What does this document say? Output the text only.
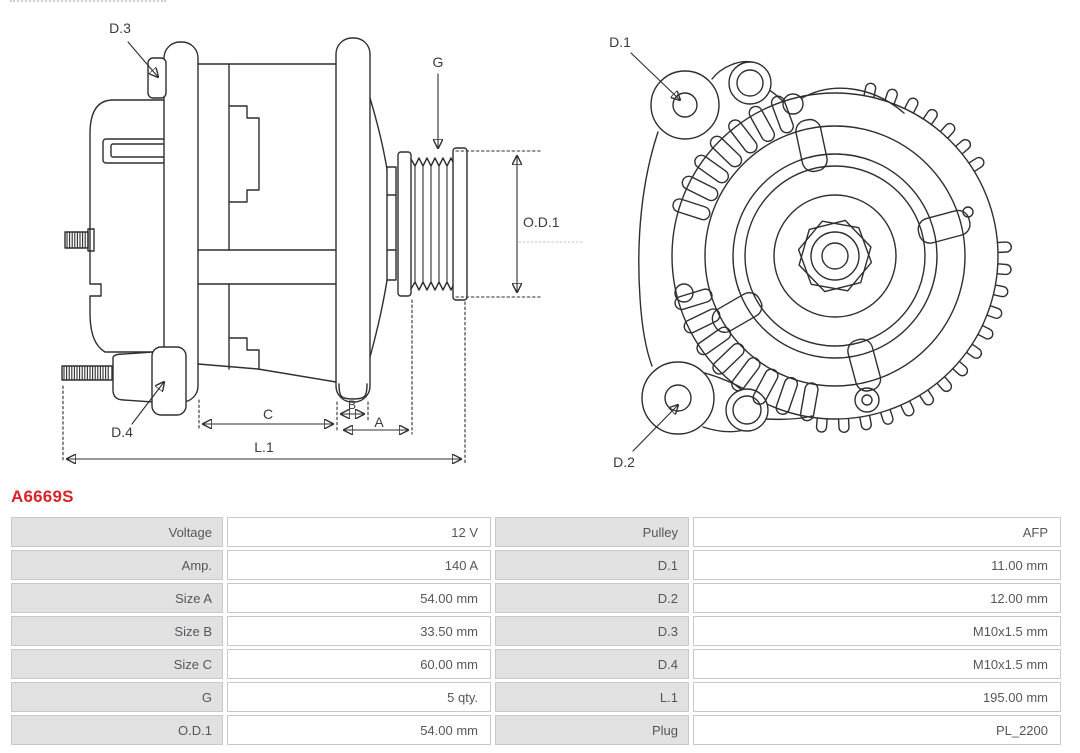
G
D.3
D.4
O.D.1
C
B
A
L.1
D.1
D.2
A6669S
Voltage	12 V	Pulley	AFP
Amp.	140 A	D.1	11.00 mm
Size A	54.00 mm	D.2	12.00 mm
Size B	33.50 mm	D.3	M10x1.5 mm
Size C	60.00 mm	D.4	M10x1.5 mm
G	5 qty.	L.1	195.00 mm
O.D.1	54.00 mm	Plug	PL_2200
